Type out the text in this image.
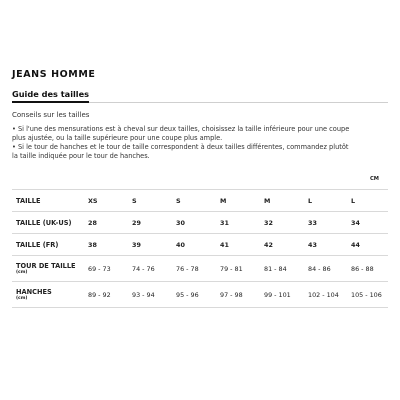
JEANS HOMME
Guide des tailles
Conseils sur les tailles
• Si l'une des mensurations est à cheval sur deux tailles, choisissez la taille inférieure pour une coupe
plus ajustée, ou la taille supérieure pour une coupe plus ample.
• Si le tour de hanches et le tour de taille correspondent à deux tailles différentes, commandez plutôt
la taille indiquée pour le tour de hanches.
CM
TAILLE	XS	S	S	M	M	L	L
TAILLE (UK-US)	28	29	30	31	32	33	34
TAILLE (FR)	38	39	40	41	42	43	44
TOUR DE TAILLE
(cm)	69 - 73	74 - 76	76 - 78	79 - 81	81 - 84	84 - 86	86 - 88
HANCHES
(cm)	89 - 92	93 - 94	95 - 96	97 - 98	99 - 101	102 - 104	105 - 106
